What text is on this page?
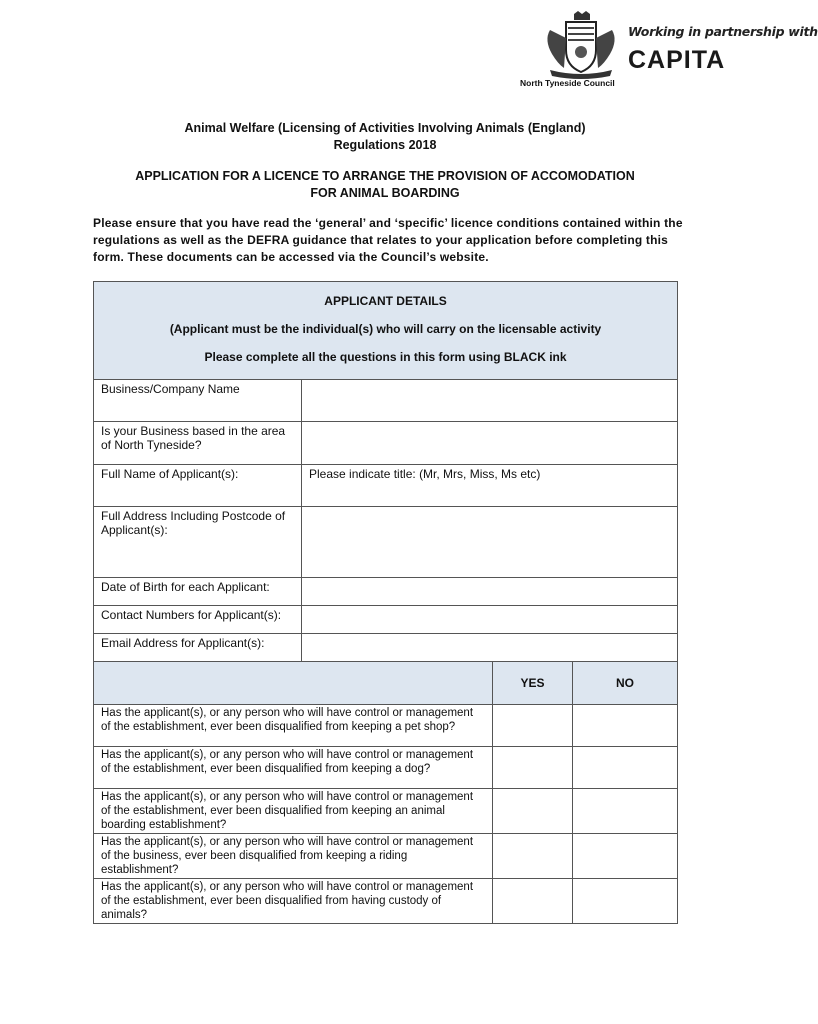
North Tyneside Council
Working in partnership with
CAPITA
Animal Welfare (Licensing of Activities Involving Animals (England)
Regulations 2018
APPLICATION FOR A LICENCE TO ARRANGE THE PROVISION OF ACCOMODATION
FOR ANIMAL BOARDING
Please ensure that you have read the ‘general’ and ‘specific’ licence conditions contained within the regulations as well as the DEFRA guidance that relates to your application before completing this form. These documents can be accessed via the Council’s website.
APPLICANT DETAILS
(Applicant must be the individual(s) who will carry on the licensable activity
Please complete all the questions in this form using BLACK ink			

Business/Company Name			
Is your Business based in the area of North Tyneside?			
Full Name of Applicant(s):	Please indicate title: (Mr, Mrs, Miss, Ms etc)		
Full Address Including Postcode of Applicant(s):			
Date of Birth for each Applicant:			
Contact Numbers for Applicant(s):			
Email Address for Applicant(s):			
		YES	NO
Has the applicant(s), or any person who will have control or management of the establishment, ever been disqualified from keeping a pet shop?			
Has the applicant(s), or any person who will have control or management of the establishment, ever been disqualified from keeping a dog?			
Has the applicant(s), or any person who will have control or management of the establishment, ever been disqualified from keeping an animal boarding establishment?			
Has the applicant(s), or any person who will have control or management of the business, ever been disqualified from keeping a riding establishment?			
Has the applicant(s), or any person who will have control or management of the establishment, ever been disqualified from having custody of animals?			
